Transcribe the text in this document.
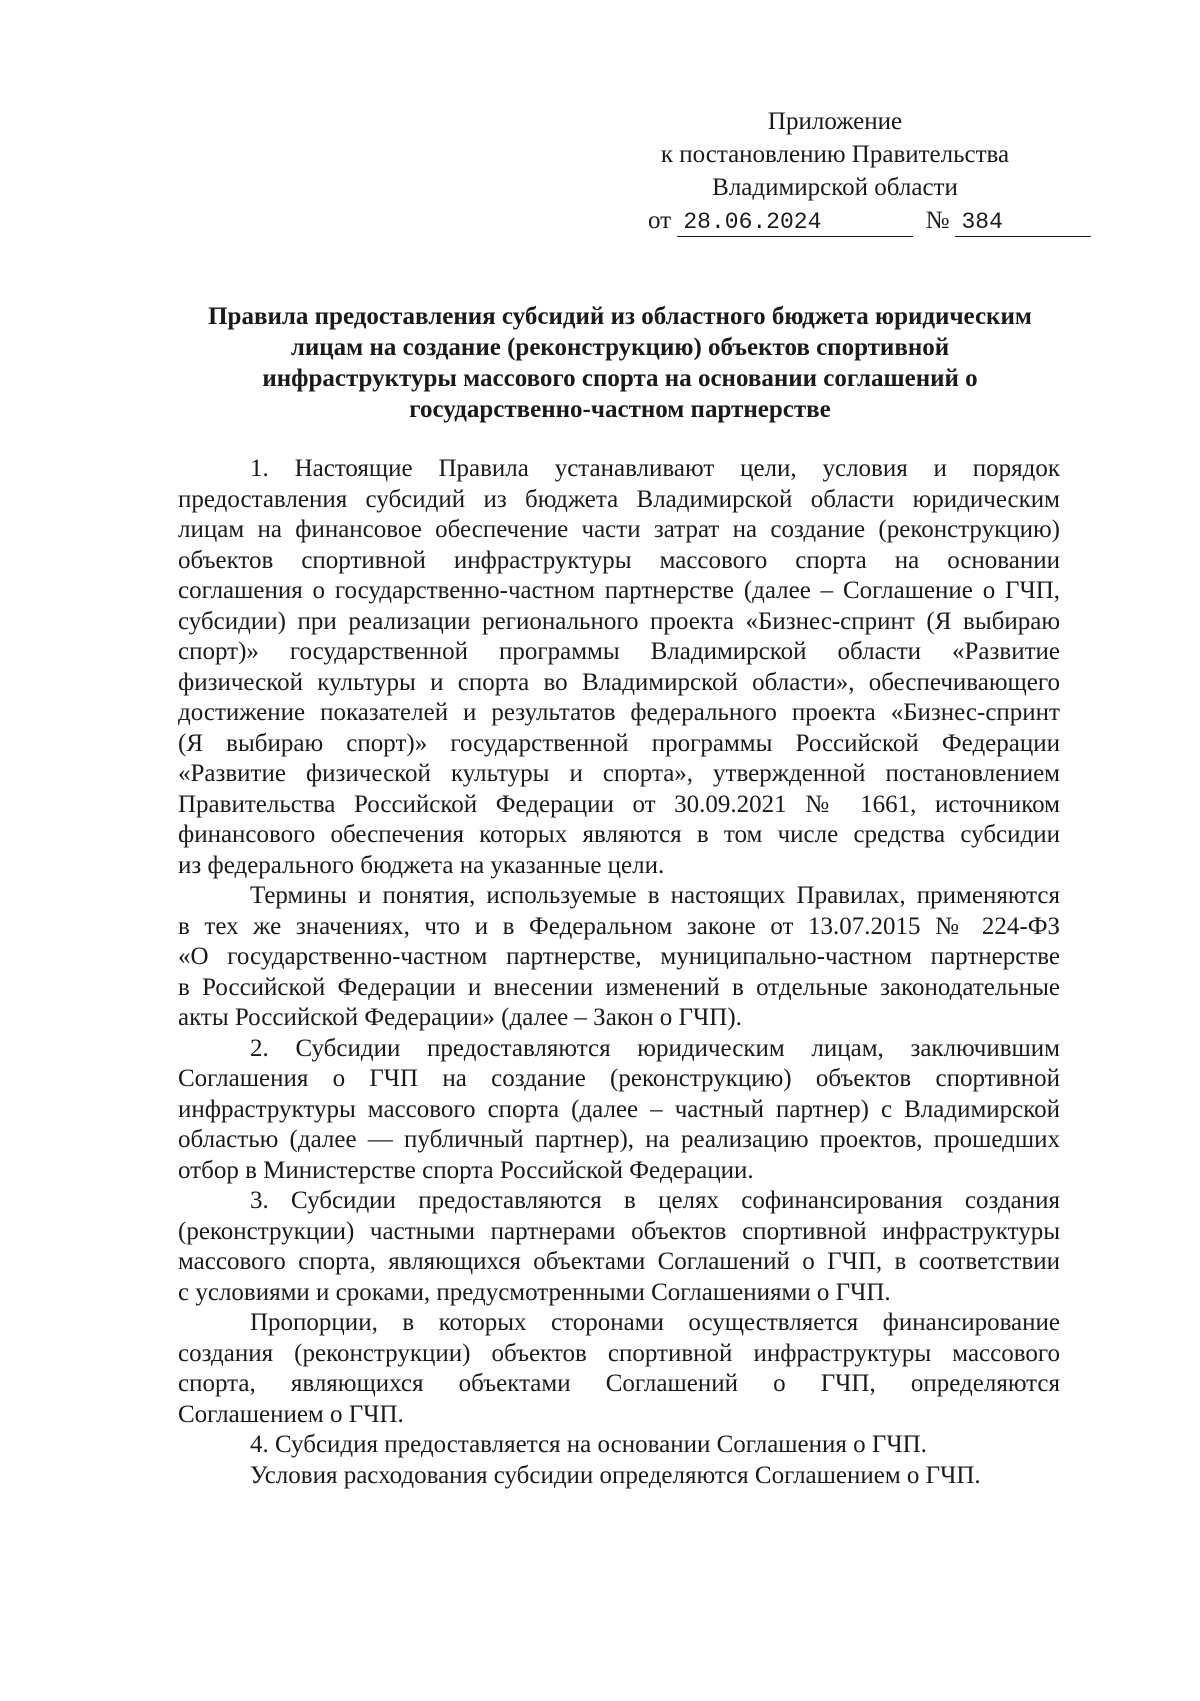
Приложение
к постановлению Правительства
Владимирской области
от 28.06.2024	№ 384
Правила предоставления субсидий из областного бюджета юридическим
лицам на создание (реконструкцию) объектов спортивной
инфраструктуры массового спорта на основании соглашений о
государственно-частном партнерстве

1. Настоящие Правила устанавливают цели, условия и порядок
предоставления субсидий из бюджета Владимирской области юридическим
лицам на финансовое обеспечение части затрат на создание (реконструкцию)
объектов спортивной инфраструктуры массового спорта на основании
соглашения о государственно-частном партнерстве (далее – Соглашение о ГЧП,
субсидии) при реализации регионального проекта «Бизнес-спринт (Я выбираю
спорт)» государственной программы Владимирской области «Развитие
физической культуры и спорта во Владимирской области», обеспечивающего
достижение показателей и результатов федерального проекта «Бизнес-спринт
(Я выбираю спорт)» государственной программы Российской Федерации
«Развитие физической культуры и спорта», утвержденной постановлением
Правительства Российской Федерации от 30.09.2021 № 1661, источником
финансового обеспечения которых являются в том числе средства субсидии
из федерального бюджета на указанные цели.

Термины и понятия, используемые в настоящих Правилах, применяются
в тех же значениях, что и в Федеральном законе от 13.07.2015 № 224-ФЗ
«О государственно-частном партнерстве, муниципально-частном партнерстве
в Российской Федерации и внесении изменений в отдельные законодательные
акты Российской Федерации» (далее – Закон о ГЧП).

2. Субсидии предоставляются юридическим лицам, заключившим
Соглашения о ГЧП на создание (реконструкцию) объектов спортивной
инфраструктуры массового спорта (далее – частный партнер) с Владимирской
областью (далее — публичный партнер), на реализацию проектов, прошедших
отбор в Министерстве спорта Российской Федерации.

3. Субсидии предоставляются в целях софинансирования создания
(реконструкции) частными партнерами объектов спортивной инфраструктуры
массового спорта, являющихся объектами Соглашений о ГЧП, в соответствии
с условиями и сроками, предусмотренными Соглашениями о ГЧП.

Пропорции, в которых сторонами осуществляется финансирование
создания (реконструкции) объектов спортивной инфраструктуры массового
спорта, являющихся объектами Соглашений о ГЧП, определяются
Соглашением о ГЧП.

4. Субсидия предоставляется на основании Соглашения о ГЧП.

Условия расходования субсидии определяются Соглашением о ГЧП.
